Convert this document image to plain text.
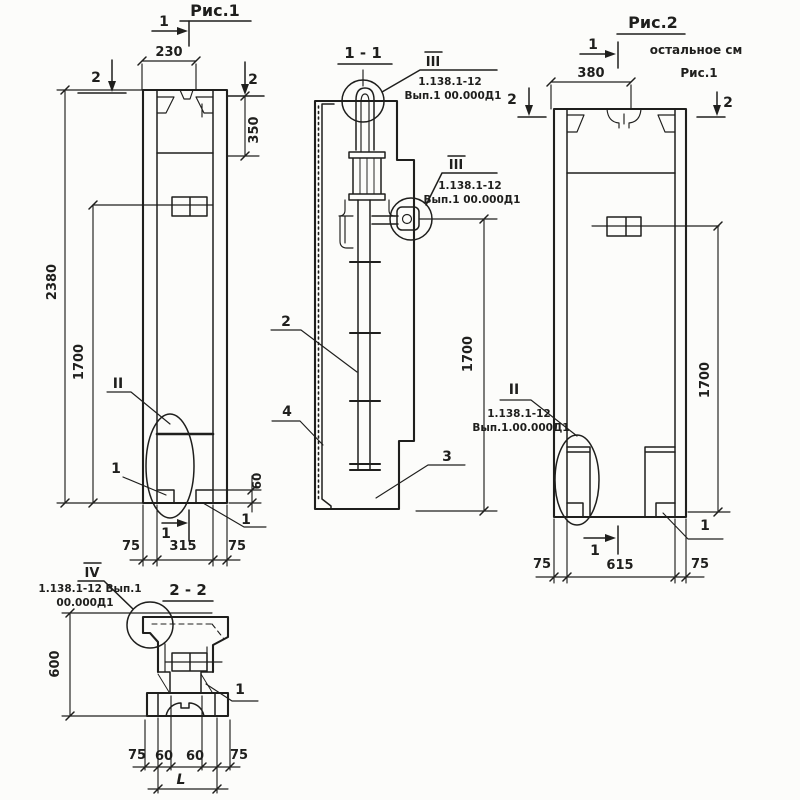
Рис.1
1
230
2	2
350
2380
1700
60
II
1
1
1
75 315 75
1 - 1
III
1.138.1-12
Вып.1 00.000Д1
III
1.138.1-12
Вып.1 00.000Д1
1700
2
4
3
Рис.2
остальное см
Рис.1
1
380
2	2
1700
II
1.138.1-12
Вып.1.00.000Д1
1
1
75	615	75
2 - 2
IV
1.138.1-12 Вып.1
00.000Д1
600
1
75 60 60 75
L
